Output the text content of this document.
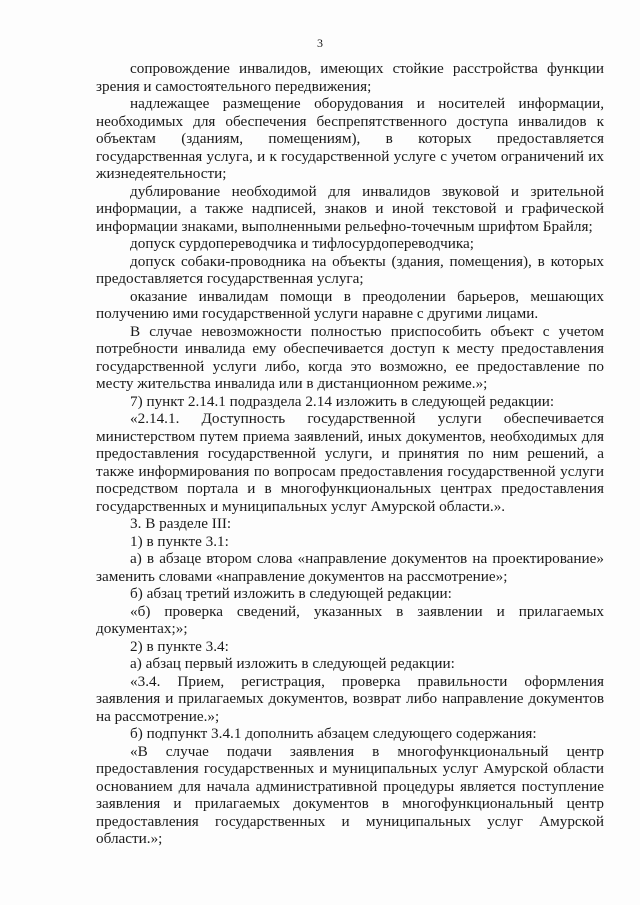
3

сопровождение инвалидов, имеющих стойкие расстройства функции зрения и самостоятельного передвижения;

надлежащее размещение оборудования и носителей информации, необходимых для обеспечения беспрепятственного доступа инвалидов к объектам (зданиям, помещениям), в которых предоставляется государственная услуга, и к государственной услуге с учетом ограничений их жизнедеятельности;

дублирование необходимой для инвалидов звуковой и зрительной информации, а также надписей, знаков и иной текстовой и графической информации знаками, выполненными рельефно-точечным шрифтом Брайля;

допуск сурдопереводчика и тифлосурдопереводчика;

допуск собаки-проводника на объекты (здания, помещения), в которых предоставляется государственная услуга;

оказание инвалидам помощи в преодолении барьеров, мешающих получению ими государственной услуги наравне с другими лицами.

В случае невозможности полностью приспособить объект с учетом потребности инвалида ему обеспечивается доступ к месту предоставления государственной услуги либо, когда это возможно, ее предоставление по месту жительства инвалида или в дистанционном режиме.»;

7) пункт 2.14.1 подраздела 2.14 изложить в следующей редакции:

«2.14.1. Доступность государственной услуги обеспечивается министерством путем приема заявлений, иных документов, необходимых для предоставления государственной услуги, и принятия по ним решений, а также информирования по вопросам предоставления государственной услуги посредством портала и в многофункциональных центрах предоставления государственных и муниципальных услуг Амурской области.».

3. В разделе III:

1) в пункте 3.1:

а) в абзаце втором слова «направление документов на проектирование» заменить словами «направление документов на рассмотрение»;

б) абзац третий изложить в следующей редакции:

«б) проверка сведений, указанных в заявлении и прилагаемых документах;»;

2) в пункте 3.4:

а) абзац первый изложить в следующей редакции:

«3.4. Прием, регистрация, проверка правильности оформления заявления и прилагаемых документов, возврат либо направление документов на рассмотрение.»;

б) подпункт 3.4.1 дополнить абзацем следующего содержания:

«В случае подачи заявления в многофункциональный центр предоставления государственных и муниципальных услуг Амурской области основанием для начала административной процедуры является поступление заявления и прилагаемых документов в многофункциональный центр предоставления государственных и муниципальных услуг Амурской области.»;
